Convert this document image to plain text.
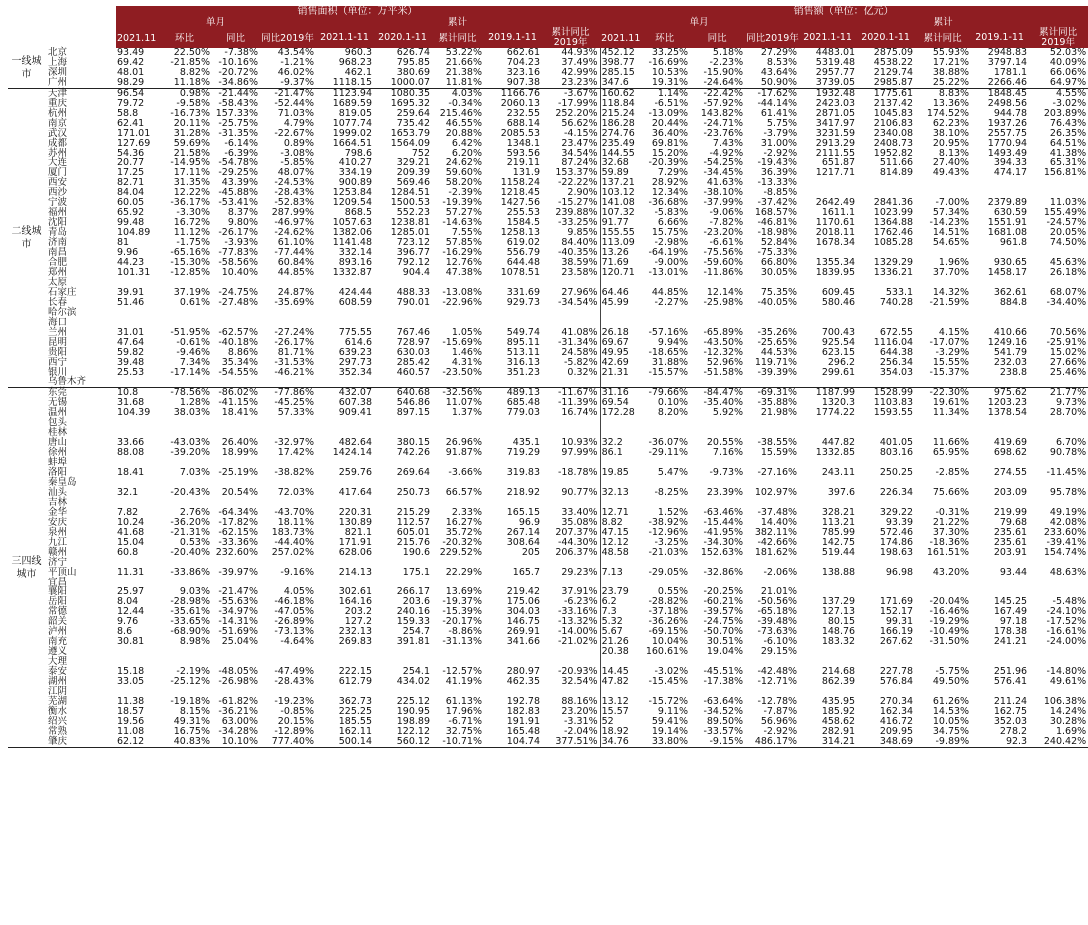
		销售面积（单位：万平米）									销售额（单位：亿元）								
		单月				累计					单月				累计				
		2021.11	环比	同比	同比2019年	2021.1-11	2020.1-11	累计同比	2019.1-11	累计同比2019年	2021.11	环比	同比	同比2019年	2021.1-11	2020.1-11	累计同比	2019.1-11	累计同比2019年
一线城市	北京	93.49	22.50%	-7.38%	43.54%	960.3	626.74	53.22%	662.61	44.93%	452.12	33.25%	5.18%	27.29%	4483.01	2875.09	55.93%	2948.83	52.03%
	上海	69.42	-21.85%	-10.16%	-1.21%	968.23	795.85	21.66%	704.23	37.49%	398.77	-16.69%	-2.23%	8.53%	5319.48	4538.22	17.21%	3797.14	40.09%
	深圳	48.01	8.82%	-20.72%	46.02%	462.1	380.69	21.38%	323.16	42.99%	285.15	10.53%	-15.90%	43.64%	2957.77	2129.74	38.88%	1781.1	66.06%
	广州	98.29	11.18%	-34.86%	-9.37%	1118.15	1000.07	11.81%	907.38	23.23%	347.6	19.31%	-24.64%	50.90%	3739.05	2985.87	25.22%	2266.46	64.97%
二线城市	天津	96.54	0.98%	-21.44%	-21.47%	1123.94	1080.35	4.03%	1166.76	-3.67%	160.62	1.14%	-22.42%	-17.62%	1932.48	1775.61	8.83%	1848.45	4.55%
	重庆	79.72	-9.58%	-58.43%	-52.44%	1689.59	1695.32	-0.34%	2060.13	-17.99%	118.84	-6.51%	-57.92%	-44.14%	2423.03	2137.42	13.36%	2498.56	-3.02%
	杭州	58.8	-16.73%	157.33%	71.03%	819.05	259.64	215.46%	232.55	252.20%	215.24	-13.09%	143.82%	61.41%	2871.05	1045.83	174.52%	944.78	203.89%
	南京	62.41	20.11%	-25.75%	4.79%	1077.74	735.42	46.55%	688.14	56.62%	186.28	20.44%	-24.71%	5.75%	3417.97	2106.83	62.23%	1937.26	76.43%
	武汉	171.01	31.28%	-31.35%	-22.67%	1999.02	1653.79	20.88%	2085.53	-4.15%	274.76	36.40%	-23.76%	-3.79%	3231.59	2340.08	38.10%	2557.75	26.35%
	成都	127.69	59.69%	-6.14%	0.89%	1664.51	1564.09	6.42%	1348.1	23.47%	235.49	69.81%	7.43%	31.00%	2913.29	2408.73	20.95%	1770.94	64.51%
	苏州	54.36	21.58%	-6.39%	-3.08%	798.6	752	6.20%	593.56	34.54%	144.55	15.20%	-4.92%	-2.92%	2111.55	1952.82	8.13%	1493.49	41.38%
	大连	20.77	-14.95%	-54.78%	-5.85%	410.27	329.21	24.62%	219.11	87.24%	32.68	-20.39%	-54.25%	-19.43%	651.87	511.66	27.40%	394.33	65.31%
	厦门	17.25	17.11%	-29.25%	48.07%	334.19	209.39	59.60%	131.9	153.37%	59.89	7.29%	-34.45%	36.39%	1217.71	814.89	49.43%	474.17	156.81%
	西安	82.71	31.35%	43.39%	-24.53%	900.89	569.46	58.20%	1158.24	-22.22%	137.21	28.92%	41.63%	-13.33%					
	西沙	84.04	12.22%	-45.88%	-28.43%	1253.84	1284.51	-2.39%	1218.45	2.90%	103.12	12.34%	-38.10%	-8.85%					
	宁波	60.05	-36.17%	-53.41%	-52.83%	1209.54	1500.53	-19.39%	1427.56	-15.27%	141.08	-36.68%	-37.99%	-37.42%	2642.49	2841.36	-7.00%	2379.89	11.03%
	福州	65.92	-3.30%	8.37%	287.99%	868.5	552.23	57.27%	255.53	239.88%	107.32	-5.83%	-9.06%	168.57%	1611.1	1023.99	57.34%	630.59	155.49%
	沈阳	99.48	16.72%	9.80%	-46.97%	1057.63	1238.81	-14.63%	1584.5	-33.25%	91.77	6.66%	-7.82%	-46.81%	1170.61	1364.88	-14.23%	1551.91	-24.57%
	青岛	104.89	11.12%	-26.17%	-24.62%	1382.06	1285.01	7.55%	1258.13	9.85%	155.55	15.75%	-23.20%	-18.98%	2018.11	1762.46	14.51%	1681.08	20.05%
	济南	81	-1.75%	-3.93%	61.10%	1141.48	723.12	57.85%	619.02	84.40%	113.09	-2.98%	-6.61%	52.84%	1678.34	1085.28	54.65%	961.8	74.50%
	南昌	9.96	-65.16%	-77.83%	-77.44%	332.14	396.77	-16.29%	556.79	-40.35%	13.26	-64.19%	-75.56%	-75.33%					
	合肥	44.23	-15.30%	-58.56%	60.84%	893.16	792.12	12.76%	644.48	38.59%	71.69	-9.00%	-59.60%	66.80%	1355.34	1329.29	1.96%	930.65	45.63%
	郑州	101.31	-12.85%	10.40%	44.85%	1332.87	904.4	47.38%	1078.51	23.58%	120.71	-13.01%	-11.86%	30.05%	1839.95	1336.21	37.70%	1458.17	26.18%
	太原																		
	石家庄	39.91	37.19%	-24.75%	24.87%	424.44	488.33	-13.08%	331.69	27.96%	64.46	44.85%	12.14%	75.35%	609.45	533.1	14.32%	362.61	68.07%
	长春	51.46	0.61%	-27.48%	-35.69%	608.59	790.01	-22.96%	929.73	-34.54%	45.99	-2.27%	-25.98%	-40.05%	580.46	740.28	-21.59%	884.8	-34.40%
	哈尔滨																		
	海口																		
	兰州	31.01	-51.95%	-62.57%	-27.24%	775.55	767.46	1.05%	549.74	41.08%	26.18	-57.16%	-65.89%	-35.26%	700.43	672.55	4.15%	410.66	70.56%
	昆明	47.64	-0.61%	-40.18%	-26.17%	614.6	728.97	-15.69%	895.11	-31.34%	69.67	9.94%	-43.50%	-25.65%	925.54	1116.04	-17.07%	1249.16	-25.91%
	贵阳	59.82	-9.46%	8.86%	81.71%	639.23	630.03	1.46%	513.11	24.58%	49.95	-18.65%	-12.32%	44.53%	623.15	644.38	-3.29%	541.79	15.02%
	西宁	39.48	7.34%	35.34%	-31.53%	297.73	285.42	4.31%	316.13	-5.82%	42.69	31.88%	52.96%	119.71%	296.2	256.34	15.55%	232.03	27.66%
	银川	25.53	-17.14%	-54.55%	-46.21%	352.34	460.57	-23.50%	351.23	0.32%	21.31	-15.57%	-51.58%	-39.39%	299.61	354.03	-15.37%	238.8	25.46%
	乌鲁木齐																		
三四线城市	东莞	10.8	-78.56%	-86.02%	-77.86%	432.07	640.68	-32.56%	489.13	-11.67%	31.16	-79.66%	-84.47%	-69.31%	1187.99	1528.99	-22.30%	975.62	21.77%
	无锡	31.68	1.28%	-41.15%	-45.25%	607.38	546.86	11.07%	685.48	-11.39%	69.54	0.10%	-35.40%	-35.88%	1320.3	1103.83	19.61%	1203.23	9.73%
	温州	104.39	38.03%	18.41%	57.33%	909.41	897.15	1.37%	779.03	16.74%	172.28	8.20%	5.92%	21.98%	1774.22	1593.55	11.34%	1378.54	28.70%
	包头																		
	桂林																		
	唐山	33.66	-43.03%	26.40%	-32.97%	482.64	380.15	26.96%	435.1	10.93%	32.2	-36.07%	20.55%	-38.55%	447.82	401.05	11.66%	419.69	6.70%
	徐州	88.08	-39.20%	18.99%	17.42%	1424.14	742.26	91.87%	719.29	97.99%	86.1	-29.11%	7.16%	15.59%	1332.85	803.16	65.95%	698.62	90.78%
	蚌埠																		
	洛阳	18.41	7.03%	-25.19%	-38.82%	259.76	269.64	-3.66%	319.83	-18.78%	19.85	5.47%	-9.73%	-27.16%	243.11	250.25	-2.85%	274.55	-11.45%
	秦皇岛																		
	汕头	32.1	-20.43%	20.54%	72.03%	417.64	250.73	66.57%	218.92	90.77%	32.13	-8.25%	23.39%	102.97%	397.6	226.34	75.66%	203.09	95.78%
	吉林																		
	金华	7.82	2.76%	-64.34%	-43.70%	220.31	215.29	2.33%	165.15	33.40%	12.71	1.52%	-63.46%	-37.48%	328.21	329.22	-0.31%	219.99	49.19%
	安庆	10.24	-36.20%	-17.82%	18.11%	130.89	112.57	16.27%	96.9	35.08%	8.82	-38.92%	-15.44%	14.40%	113.21	93.39	21.22%	79.68	42.08%
	泉州	41.68	-21.31%	-62.15%	183.73%	821.1	605.01	35.72%	267.14	207.37%	47.15	-12.96%	-41.95%	382.11%	785.99	572.46	37.30%	235.61	233.60%
	九江	15.04	0.53%	-33.36%	-44.40%	171.91	215.76	-20.32%	308.64	-44.30%	12.12	-3.25%	-34.30%	-42.66%	142.75	174.86	-18.36%	235.61	-39.41%
	赣州	60.8	-20.40%	232.60%	257.02%	628.06	190.6	229.52%	205	206.37%	48.58	-21.03%	152.63%	181.62%	519.44	198.63	161.51%	203.91	154.74%
	济宁																		
	平顶山	11.31	-33.86%	-39.97%	-9.16%	214.13	175.1	22.29%	165.7	29.23%	7.13	-29.05%	-32.86%	-2.06%	138.88	96.98	43.20%	93.44	48.63%
	宜昌																		
	襄阳	25.97	9.03%	-21.47%	4.05%	302.61	266.17	13.69%	219.42	37.91%	23.79	0.55%	-20.25%	21.01%					
	岳阳	8.04	-28.98%	-55.63%	-46.18%	164.16	203.6	-19.37%	175.06	-6.23%	6.2	-28.82%	-60.21%	-50.56%	137.29	171.69	-20.04%	145.25	-5.48%
	常德	12.44	-35.61%	-34.97%	-47.05%	203.2	240.16	-15.39%	304.03	-33.16%	7.3	-37.18%	-39.57%	-65.18%	127.13	152.17	-16.46%	167.49	-24.10%
	韶关	9.76	-33.65%	-14.31%	-26.89%	127.2	159.33	-20.17%	146.75	-13.32%	5.32	-36.26%	-24.75%	-39.48%	80.15	99.31	-19.29%	97.18	-17.52%
	泸州	8.6	-68.90%	-51.69%	-73.13%	232.13	254.7	-8.86%	269.91	-14.00%	5.67	-69.15%	-50.70%	-73.63%	148.76	166.19	-10.49%	178.38	-16.61%
	南充	30.81	8.98%	25.04%	-4.64%	269.83	391.81	-31.13%	341.66	-21.02%	21.26	10.04%	30.51%	-6.10%	183.32	267.62	-31.50%	241.21	-24.00%
	遵义										20.38	160.61%	19.04%	29.15%					
	大理																		
	泰安	15.18	-2.19%	-48.05%	-47.49%	222.15	254.1	-12.57%	280.97	-20.93%	14.45	-3.02%	-45.51%	-42.48%	214.68	227.78	-5.75%	251.96	-14.80%
	湖州	33.05	-25.12%	-26.98%	-28.43%	612.79	434.02	41.19%	462.35	32.54%	47.82	-15.45%	-17.38%	-12.71%	862.39	576.84	49.50%	576.41	49.61%
	江阴																		
	芜湖	11.38	-19.18%	-61.82%	-19.23%	362.73	225.12	61.13%	192.78	88.16%	13.12	-15.72%	-63.64%	-12.78%	435.95	270.34	61.26%	211.24	106.38%
	衡水	18.57	8.15%	-36.21%	-0.85%	225.25	190.95	17.96%	182.83	23.20%	15.57	9.11%	-34.52%	-7.87%	185.92	162.34	14.53%	162.75	14.24%
	绍兴	19.56	49.31%	63.00%	20.15%	185.55	198.89	-6.71%	191.91	-3.31%	52	59.41%	89.50%	56.96%	458.62	416.72	10.05%	352.03	30.28%
	常熟	11.08	16.75%	-34.28%	-12.89%	162.11	122.12	32.75%	165.48	-2.04%	18.92	19.14%	-33.57%	-2.92%	282.91	209.95	34.75%	278.2	1.69%
	肇庆	62.12	40.83%	10.10%	777.40%	500.14	560.12	-10.71%	104.74	377.51%	34.76	33.80%	-9.15%	486.17%	314.21	348.69	-9.89%	92.3	240.42%
